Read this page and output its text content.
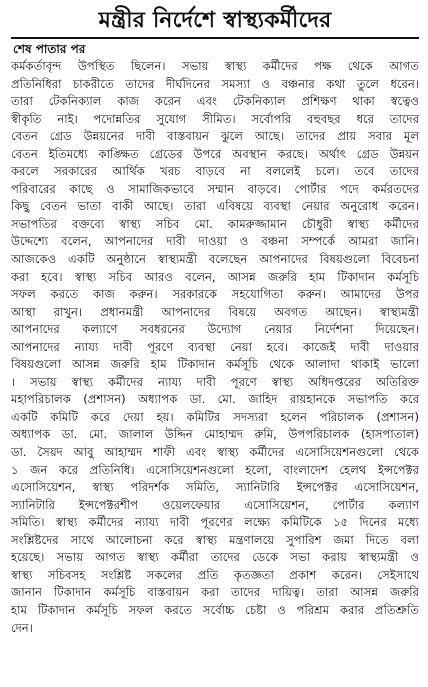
মন্ত্রীর নির্দেশে স্বাস্থ্যকর্মীদের

শেষ পাতার পর

কর্মকর্তাবৃন্দ উপস্থিত ছিলেন। সভায় স্বাস্থ্য কর্মীদের পক্ষ থেকে আগত
প্রতিনিধিরা চাকরীতে তাদের দীর্ঘদিনের সমস্যা ও বঞ্চনার কথা তুলে ধরেন।
তারা টেকনিক্যাল কাজ করেন এবং টেকনিক্যাল প্রশিক্ষণ থাকা স্বত্বেও
স্বীকৃতি নাই। পদোন্নতির সুযোগ সীমিত। সর্বোপরি বহুবছর ধরে তাদের
বেতন গ্রেড উন্নয়নের দাবী বাস্তবায়ন ঝুলে আছে। তাদের প্রায় সবার মূল
বেতন ইতিমধ্যে কাঙ্ক্ষিত গ্রেডের উপরে অবস্থান করছে। অর্থাৎ গ্রেড উন্নয়ন
করলে সরকারের আর্থিক খরচ বাড়বে না বললেই চলে। তবে তাদের
পরিবারের কাছে ও সামাজিকভাবে সম্মান বাড়বে। পোর্টার পদে কর্মরতদের
কিছু বেতন ভাতা বাকী আছে। তারা এবিষয়ে ব্যবস্থা নেয়ার অনুরোধ করেন।
সভাপতির বক্তব্যে স্বাস্থ্য সচিব মো. কামরুজ্জামান চৌধুরী স্বাস্থ্য কর্মীদের
উদ্দেশ্যে বলেন, আপনাদের দাবী দাওয়া ও বঞ্চনা সম্পর্কে আমরা জানি।
আজকেও একটি অনুষ্ঠানে স্বাস্থ্যমন্ত্রী বলেছেন আপনাদের বিষয়গুলো বিবেচনা
করা হবে। স্বাস্থ্য সচিব আরও বলেন, আসন্ন জরুরি হাম টিকাদান কর্মসূচি
সফল করতে কাজ করুন। সরকারকে সহযোগিতা করুন। আমাদের উপর
আস্থা রাখুন। প্রধানমন্ত্রী আপনাদের বিষয়ে অবগত আছেন। স্বাস্থ্যমন্ত্রী
আপনাদের কল্যাণে সবধরনের উদ্যোগ নেয়ার নির্দেশনা দিয়েছেন।
আপনাদের ন্যায্য দাবী পূরণে ব্যবস্থা নেয়া হবে। কাজেই দাবী দাওয়ার
বিষয়গুলো আসন্ন জরুরি হাম টিকাদান কর্মসূচি থেকে আলাদা থাকাই ভালো
। সভায় স্বাস্থ্য কর্মীদের ন্যায্য দাবী পূরণে স্বাস্থ্য অধিদপ্তরের অতিরিক্ত
মহাপরিচালক (প্রশাসন) অধ্যাপক ডা. মো. জাহিদ রায়হানকে সভাপতি করে
একটি কমিটি করে দেয়া হয়। কমিটির সদস্যরা হলেন পরিচালক (প্রশাসন)
অধ্যাপক ডা. মো. জালাল উদ্দিন মোহাম্মদ রুমি, উপপরিচালক (হাসপাতাল)
ডা. সৈয়দ আবু আহাম্মদ শাফী এবং স্বাস্থ্য কর্মীদের এসোসিয়েশনগুলো থেকে
১ জন করে প্রতিনিধি। এসোসিয়েশনগুলো হলো, বাংলাদেশ হেলথ ইন্সপেক্টর
এসোসিয়েশন, স্বাস্থ্য পরিদর্শক সমিতি, স্যানিটারি ইন্সপেক্টর এসোসিয়েশন,
স্যানিটারি ইন্সপেক্টরশীপ ওয়েলফেয়ার এসোসিয়েশন, পোর্টার কল্যাণ
সমিতি। স্বাস্থ্য কর্মীদের ন্যায্য দাবী পূরণের লক্ষ্যে কমিটিকে ১৫ দিনের মধ্যে
সংশ্লিষ্টদের সাথে আলোচনা করে স্বাস্থ্য মন্ত্রণালয়ে সুপারিশ জমা দিতে বলা
হয়েছে। সভায় আগত স্বাস্থ্য কর্মীরা তাদের ডেকে সভা করায় স্বাস্থ্যমন্ত্রী ও
স্বাস্থ্য সচিবসহ সংশ্লিষ্ট সকলের প্রতি কৃতজ্ঞতা প্রকাশ করেন। সেইসাথে
জানান টিকাদান কর্মসূচি বাস্তবায়ন করা তাদের দায়িত্ব। তারা আসন্ন জরুরি
হাম টিকাদান কর্মসূচি সফল করতে সর্বোচ্চ চেষ্টা ও পরিশ্রম করার প্রতিশ্রুতি
দেন।
